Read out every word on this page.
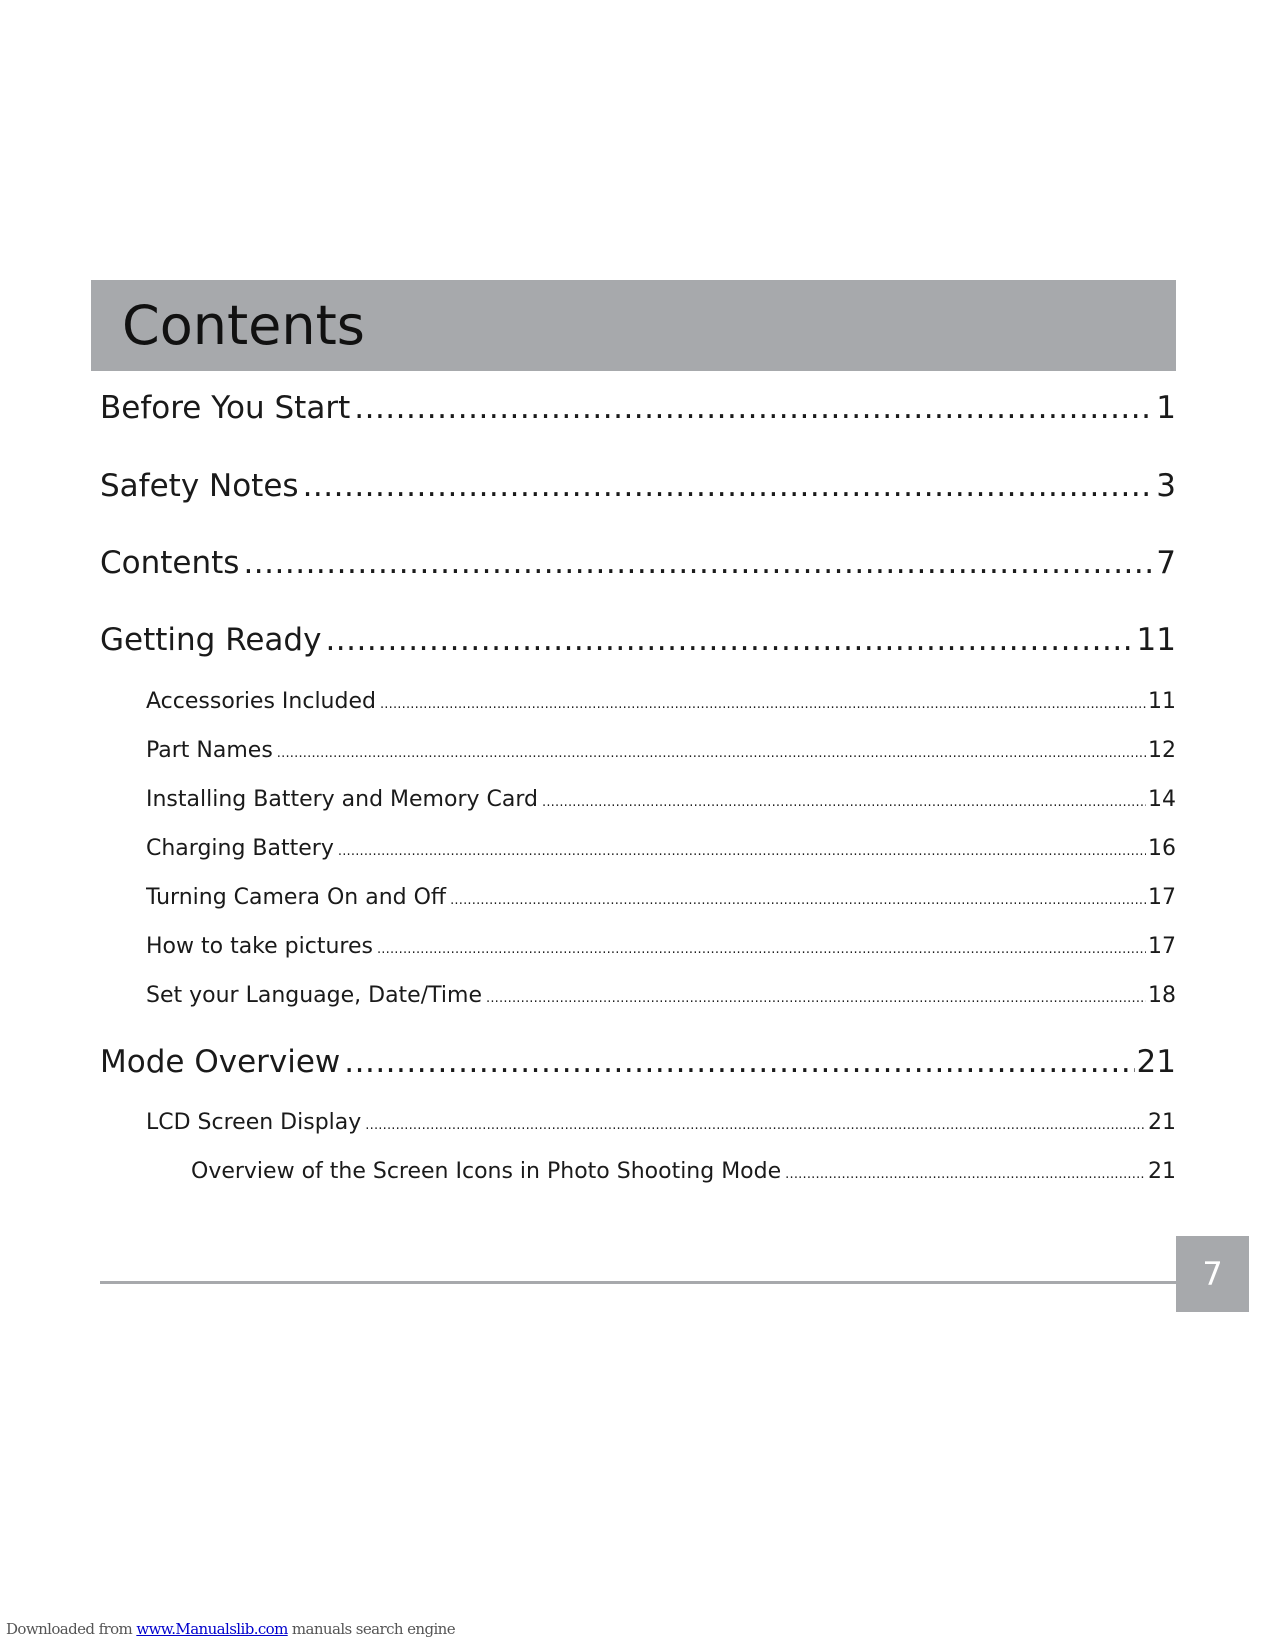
Contents
Before You Start .....	1
Safety Notes .....	3
Contents .....	7
Getting Ready .....	11
Accessories Included .....	11
Part Names .....	12
Installing Battery and Memory Card .....	14
Charging Battery .....	16
Turning Camera On and Off .....	17
How to take pictures .....	17
Set your Language, Date/Time .....	18
Mode Overview .....	21
LCD Screen Display .....	21
Overview of the Screen Icons in Photo Shooting Mode .....	21
7
Downloaded from www.Manualslib.com manuals search engine
